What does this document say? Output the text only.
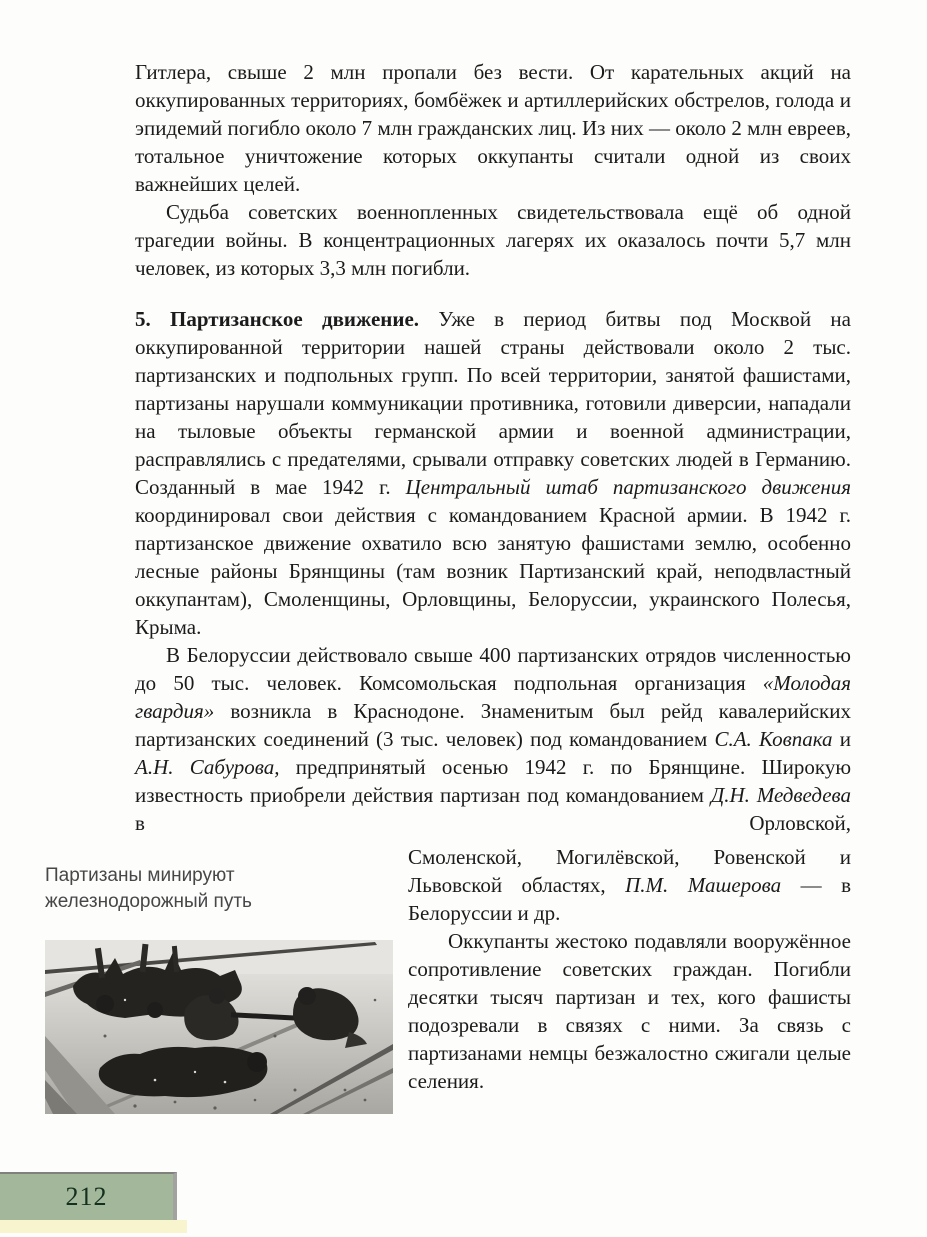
Гитлера, свыше 2 млн пропали без вести. От карательных акций на оккупированных территориях, бомбёжек и артиллерийских обстрелов, голода и эпидемий погибло около 7 млн гражданских лиц. Из них — около 2 млн евреев, тотальное уничтожение которых оккупанты считали одной из своих важнейших целей.

Судьба советских военнопленных свидетельствовала ещё об одной трагедии войны. В концентрационных лагерях их оказалось почти 5,7 млн человек, из которых 3,3 млн погибли.

5. Партизанское движение. Уже в период битвы под Москвой на оккупированной территории нашей страны действовали около 2 тыс. партизанских и подпольных групп. По всей территории, занятой фашистами, партизаны нарушали коммуникации противника, готовили диверсии, нападали на тыловые объекты германской армии и военной администрации, расправлялись с предателями, срывали отправку советских людей в Германию. Созданный в мае 1942 г. Центральный штаб партизанского движения координировал свои действия с командованием Красной армии. В 1942 г. партизанское движение охватило всю занятую фашистами землю, особенно лесные районы Брянщины (там возник Партизанский край, неподвластный оккупантам), Смоленщины, Орловщины, Белоруссии, украинского Полесья, Крыма.

В Белоруссии действовало свыше 400 партизанских отрядов численностью до 50 тыс. человек. Комсомольская подпольная организация «Молодая гвардия» возникла в Краснодоне. Знаменитым был рейд кавалерийских партизанских соединений (3 тыс. человек) под командованием С.А. Ковпака и А.Н. Сабурова, предпринятый осенью 1942 г. по Брянщине. Широкую известность приобрели действия партизан под командованием Д.Н. Медведева в Орловской,

Партизаны минируют железнодорожный путь

Смоленской, Могилёвской, Ровенской и Львовской областях, П.М. Машерова — в Белоруссии и др.

Оккупанты жестоко подавляли вооружённое сопротивление советских граждан. Погибли десятки тысяч партизан и тех, кого фашисты подозревали в связях с ними. За связь с партизанами немцы безжалостно сжигали целые селения.

212
